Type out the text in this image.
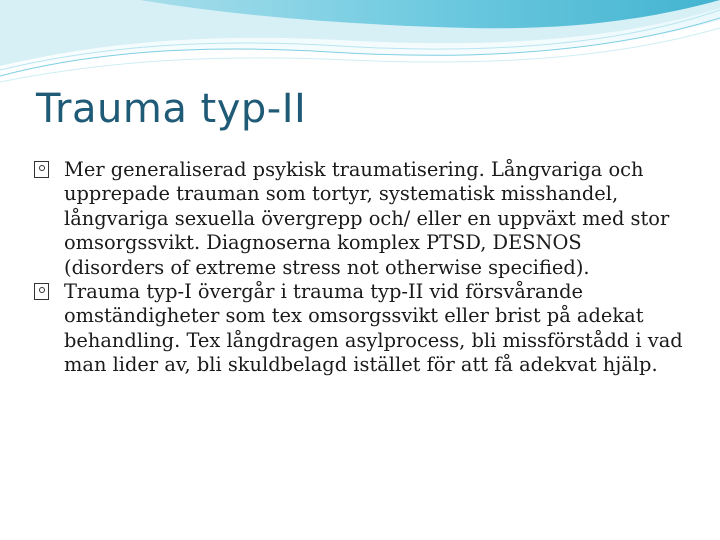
Trauma typ-II

Mer generaliserad psykisk traumatisering. Långvariga och upprepade trauman som tortyr, systematisk misshandel, långvariga sexuella övergrepp och/ eller en uppväxt med stor omsorgssvikt. Diagnoserna komplex PTSD, DESNOS (disorders of extreme stress not otherwise specified).

Trauma typ-I övergår i trauma typ-II vid försvårande omständigheter som tex omsorgssvikt eller brist på adekat behandling. Tex långdragen asylprocess, bli missförstådd i vad man lider av, bli skuldbelagd istället för att få adekvat hjälp.
